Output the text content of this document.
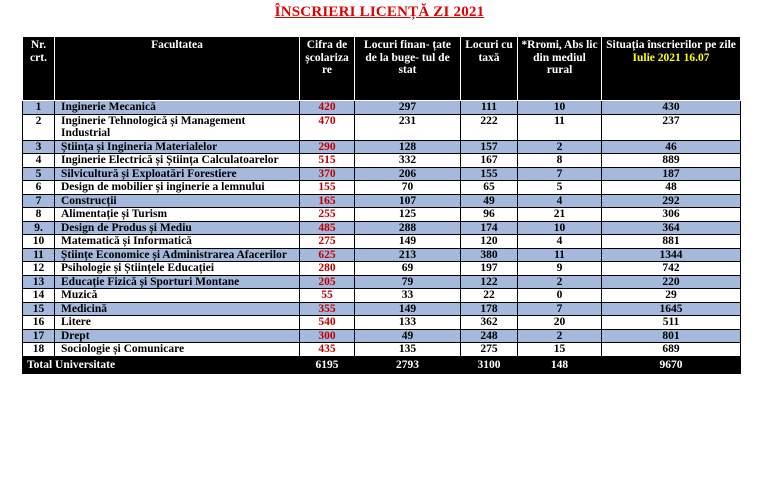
ÎNSCRIERI LICENȚĂ ZI 2021
Nr. crt.	Facultatea	Cifra de școlariza re	Locuri finan- țate de la buge- tul de stat	Locuri cu taxă	*Rromi, Abs lic din mediul rural	Situația înscrierilor pe zile
Iulie 2021 16.07

1	Inginerie Mecanică	420	297	111	10	430
2	Inginerie Tehnologică și Management Industrial	470	231	222	11	237
3	Știința și Ingineria Materialelor	290	128	157	2	46
4	Inginerie Electrică și Știința Calculatoarelor	515	332	167	8	889
5	Silvicultură și Exploatări Forestiere	370	206	155	7	187
6	Design de mobilier și inginerie a lemnului	155	70	65	5	48
7	Construcții	165	107	49	4	292
8	Alimentație și Turism	255	125	96	21	306
9.	Design de Produs și Mediu	485	288	174	10	364
10	Matematică și Informatică	275	149	120	4	881
11	Științe Economice și Administrarea Afacerilor	625	213	380	11	1344
12	Psihologie și Științele Educației	280	69	197	9	742
13	Educație Fizică și Sporturi Montane	205	79	122	2	220
14	Muzică	55	33	22	0	29
15	Medicină	355	149	178	7	1645
16	Litere	540	133	362	20	511
17	Drept	300	49	248	2	801
18	Sociologie și Comunicare	435	135	275	15	689
Total Universitate		6195	2793	3100	148	9670
